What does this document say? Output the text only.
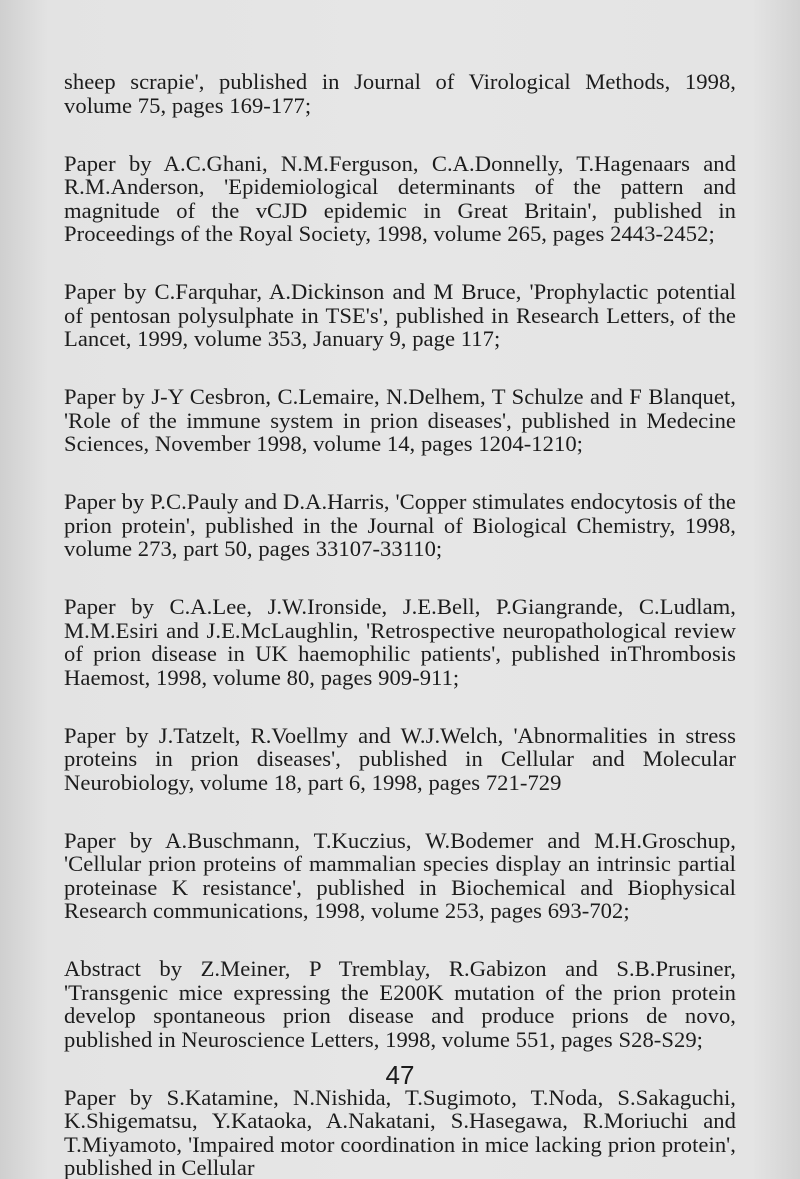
sheep scrapie', published in Journal of Virological Methods, 1998, volume 75, pages 169-177;

Paper by A.C.Ghani, N.M.Ferguson, C.A.Donnelly, T.Hagenaars and R.M.Anderson, 'Epidemiological determinants of the pattern and magnitude of the vCJD epidemic in Great Britain', published in Proceedings of the Royal Society, 1998, volume 265, pages 2443-2452;

Paper by C.Farquhar, A.Dickinson and M Bruce, 'Prophylactic potential of pentosan polysulphate in TSE's', published in Research Letters, of the Lancet, 1999, volume 353, January 9, page 117;

Paper by J-Y Cesbron, C.Lemaire, N.Delhem, T Schulze and F Blanquet, 'Role of the immune system in prion diseases', published in Medecine Sciences, November 1998, volume 14, pages 1204-1210;

Paper by P.C.Pauly and D.A.Harris, 'Copper stimulates endocytosis of the prion protein', published in the Journal of Biological Chemistry, 1998, volume 273, part 50, pages 33107-33110;

Paper by C.A.Lee, J.W.Ironside, J.E.Bell, P.Giangrande, C.Ludlam, M.M.Esiri and J.E.McLaughlin, 'Retrospective neuropathological review of prion disease in UK haemophilic patients', published inThrombosis Haemost, 1998, volume 80, pages 909-911;

Paper by J.Tatzelt, R.Voellmy and W.J.Welch, 'Abnormalities in stress proteins in prion diseases', published in Cellular and Molecular Neurobiology, volume 18, part 6, 1998, pages 721-729

Paper by A.Buschmann, T.Kuczius, W.Bodemer and M.H.Groschup, 'Cellular prion proteins of mammalian species display an intrinsic partial proteinase K resistance', published in Biochemical and Biophysical Research communications, 1998, volume 253, pages 693-702;

Abstract by Z.Meiner, P Tremblay, R.Gabizon and S.B.Prusiner, 'Transgenic mice expressing the E200K mutation of the prion protein develop spontaneous prion disease and produce prions de novo, published in Neuroscience Letters, 1998, volume 551, pages S28-S29;

Paper by S.Katamine, N.Nishida, T.Sugimoto, T.Noda, S.Sakaguchi, K.Shigematsu, Y.Kataoka, A.Nakatani, S.Hasegawa, R.Moriuchi and T.Miyamoto, 'Impaired motor coordination in mice lacking prion protein', published in Cellular

47
